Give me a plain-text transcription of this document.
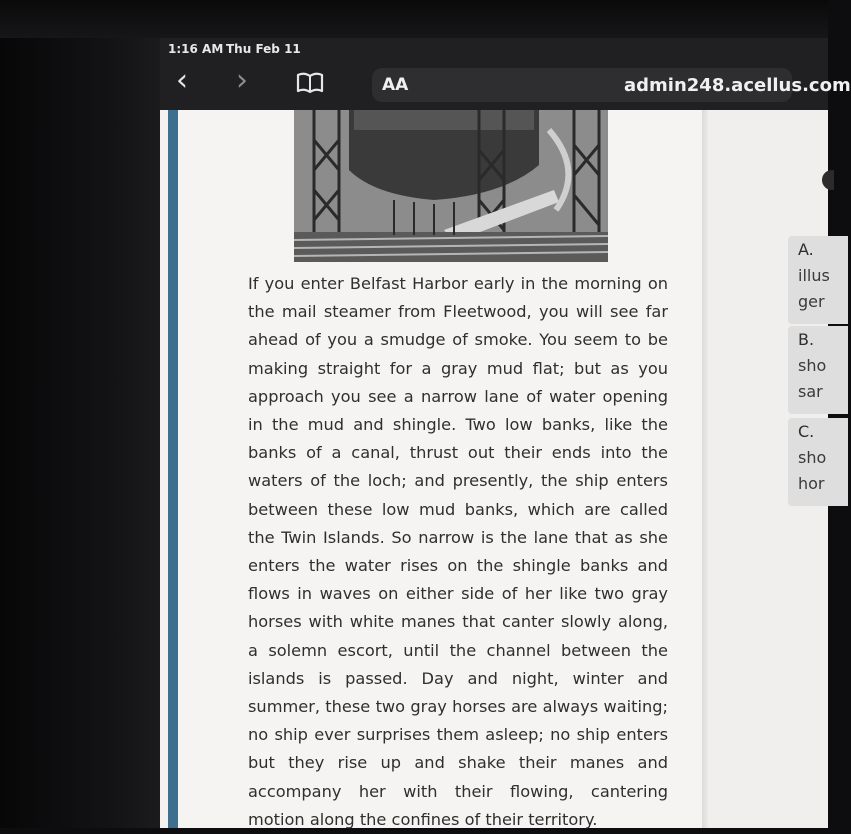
1:16 AM Thu Feb 11
‹ ›	AA	admin248.acellus.com

If you enter Belfast Harbor early in the morning on the mail steamer from Fleetwood, you will see far ahead of you a smudge of smoke. You seem to be making straight for a gray mud flat; but as you approach you see a narrow lane of water opening in the mud and shingle. Two low banks, like the banks of a canal, thrust out their ends into the waters of the loch; and presently, the ship enters between these low mud banks, which are called the Twin Islands. So narrow is the lane that as she enters the water rises on the shingle banks and flows in waves on either side of her like two gray horses with white manes that canter slowly along, a solemn escort, until the channel between the islands is passed. Day and night, winter and summer, these two gray horses are always waiting; no ship ever surprises them asleep; no ship enters but they rise up and shake their manes and accompany her with their flowing, cantering motion along the confines of their territory.

A.
illus
ger
B.
sho
sar
C.
sho
hor
